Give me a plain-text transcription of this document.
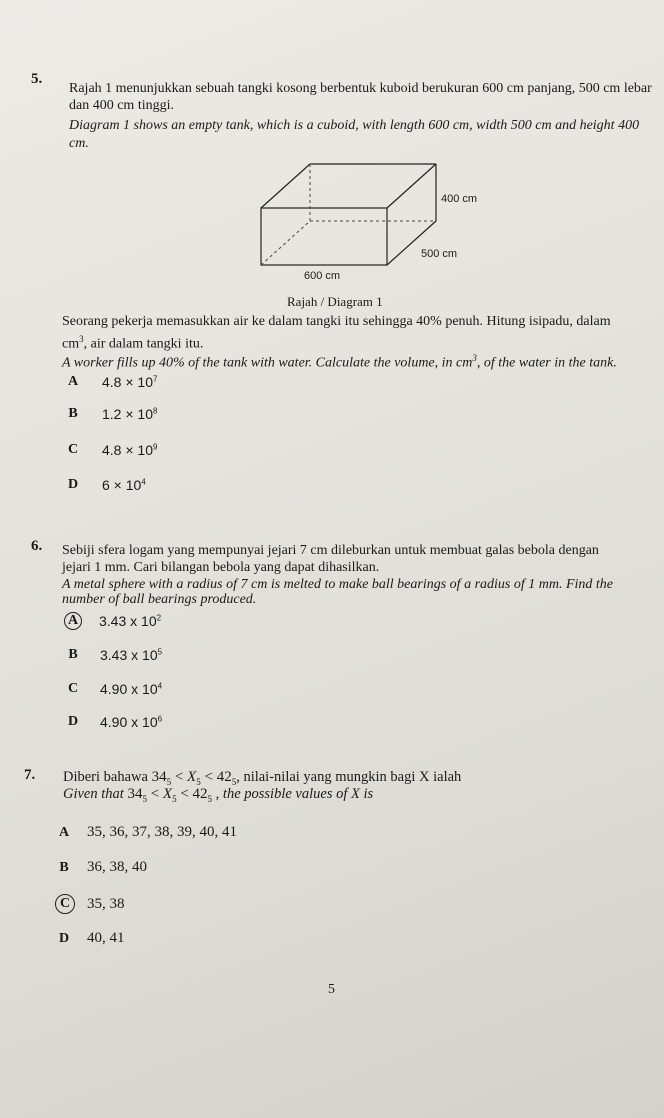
5.
Rajah 1 menunjukkan sebuah tangki kosong berbentuk kuboid berukuran 600 cm panjang, 500 cm lebar
dan 400 cm tinggi.
Diagram 1 shows an empty tank, which is a cuboid, with length 600 cm, width 500 cm and height 400
cm.
400 cm
500 cm
600 cm
Rajah / Diagram 1
Seorang pekerja memasukkan air ke dalam tangki itu sehingga 40% penuh. Hitung isipadu, dalam
$cm^3$, air dalam tangki itu.
A worker fills up 40% of the tank with water. Calculate the volume, in $cm^3$, of the water in the tank.
A $4.8 \times 10^7$
B $1.2 \times 10^8$
C $4.8 \times 10^9$
D $6 \times 10^4$
6. Sebiji sfera logam yang mempunyai jejari 7 cm dileburkan untuk membuat galas bebola dengan
jejari 1 mm. Cari bilangan bebola yang dapat dihasilkan.
A metal sphere with a radius of 7 cm is melted to make ball bearings of a radius of 1 mm. Find the
number of ball bearings produced.
A 3.43 x $10^2$
B 3.43 x $10^5$
C 4.90 x $10^4$
D 4.90 x $10^6$
7. Diberi bahawa $34_5 < X_5 < 42_5$, nilai-nilai yang mungkin bagi X ialah
Given that $34_5 < X_5 < 42_5$ , the possible values of X is
A 35, 36, 37, 38, 39, 40, 41
B 36, 38, 40
C	35, 38
D 40, 41
5
